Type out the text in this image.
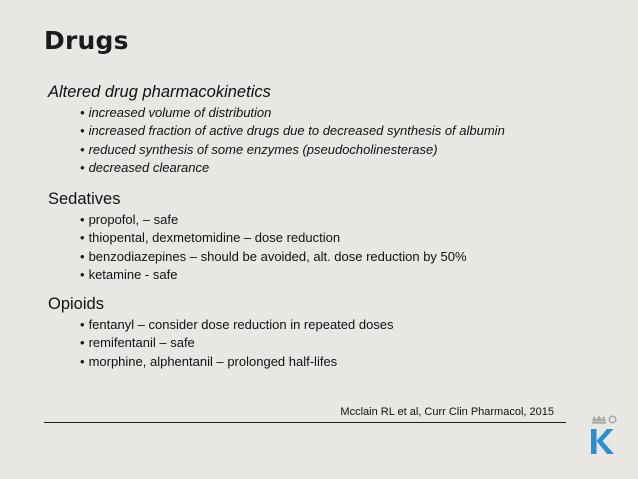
Drugs
Altered drug pharmacokinetics
• increased volume of distribution
• increased fraction of active drugs due to decreased synthesis of albumin
• reduced synthesis of some enzymes (pseudocholinesterase)
• decreased clearance
Sedatives
• propofol, – safe
• thiopental, dexmetomidine – dose reduction
• benzodiazepines – should be avoided, alt. dose reduction by 50%
• ketamine - safe
Opioids
• fentanyl – consider dose reduction in repeated doses
• remifentanil – safe
• morphine, alphentanil – prolonged half-lifes
Mcclain RL et al, Curr Clin Pharmacol, 2015
